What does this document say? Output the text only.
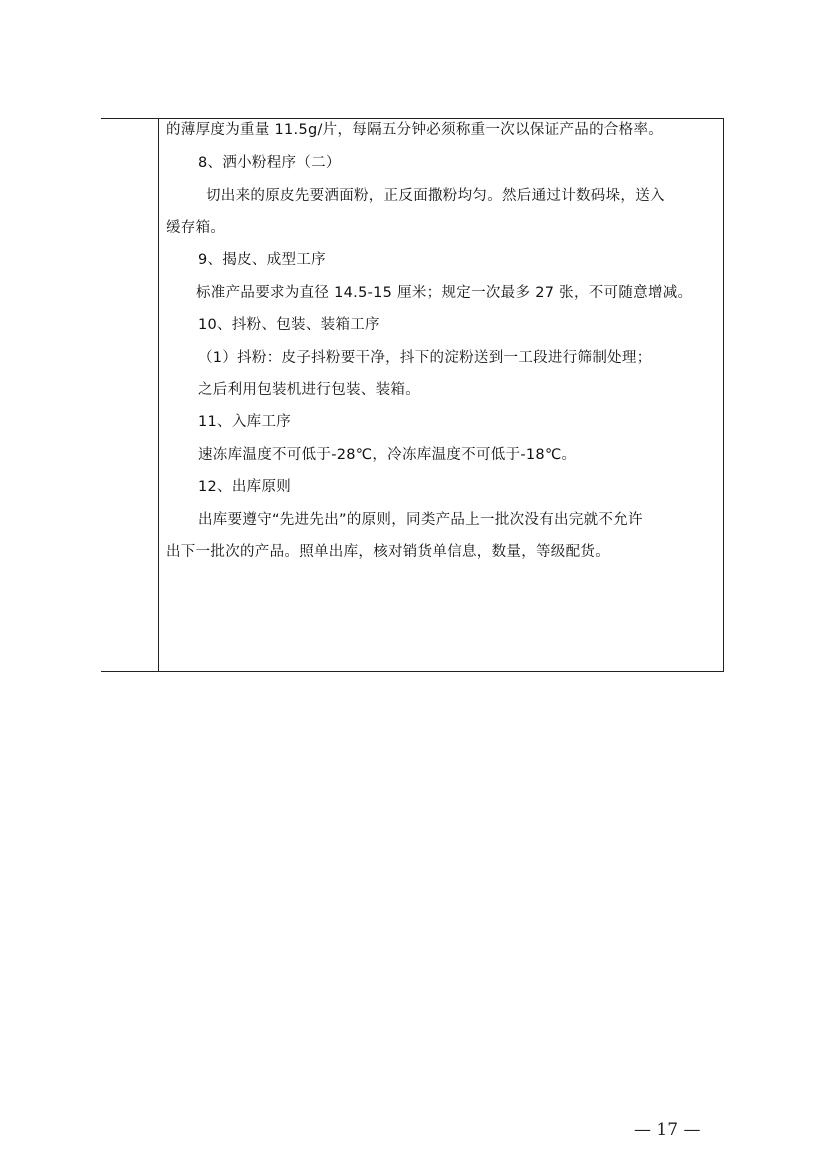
的薄厚度为重量 11.5g/片，每隔五分钟必须称重一次以保证产品的合格率。
8、洒小粉程序（二）
切出来的原皮先要洒面粉，正反面撒粉均匀。然后通过计数码垛，送入
缓存箱。
9、揭皮、成型工序
标准产品要求为直径 14.5-15 厘米；规定一次最多 27 张，不可随意增减。
10、抖粉、包装、装箱工序
（1）抖粉：皮子抖粉要干净，抖下的淀粉送到一工段进行筛制处理；
之后利用包装机进行包装、装箱。
11、入库工序
速冻库温度不可低于-28℃，冷冻库温度不可低于-18℃。
12、出库原则
出库要遵守“先进先出”的原则，同类产品上一批次没有出完就不允许
出下一批次的产品。照单出库，核对销货单信息，数量，等级配货。
— 17 —
